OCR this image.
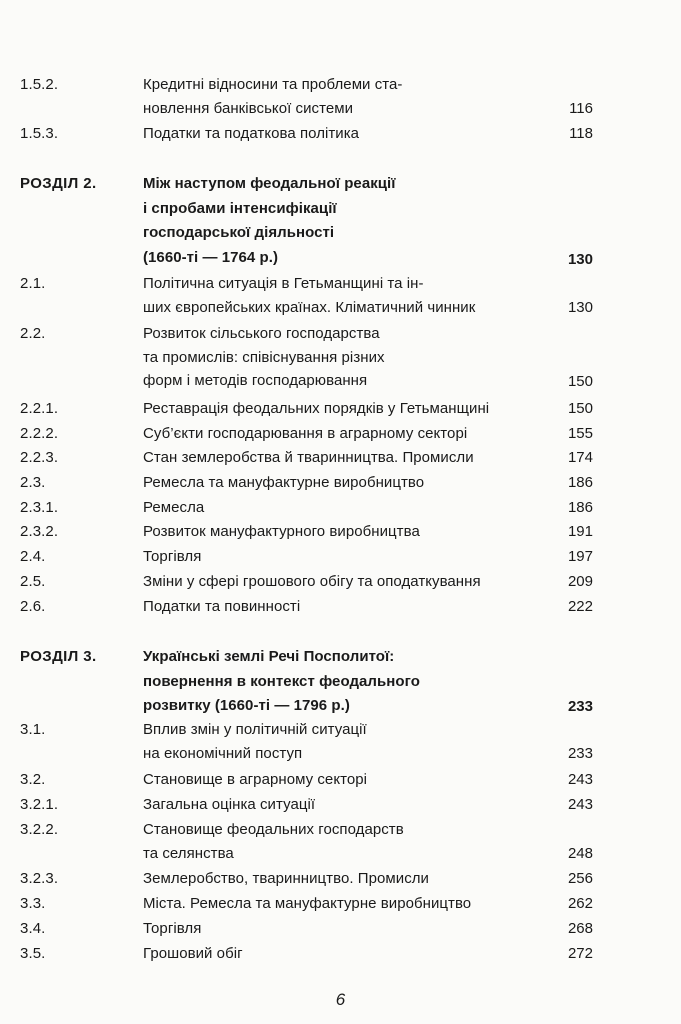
1.5.2.	Кредитні відносини та проблеми ста-
новлення банківської системи	116
1.5.3.	Податки та податкова політика	118
РОЗДІЛ 2.	Між наступом феодальної реакції
і спробами інтенсифікації
господарської діяльності
(1660-ті — 1764 р.)	130
2.1.	Політична ситуація в Гетьманщині та ін-
ших європейських країнах. Кліматичний чинник	130
2.2.	Розвиток сільського господарства
та промислів: співіснування різних
форм і методів господарювання	150
2.2.1.	Реставрація феодальних порядків у Гетьманщині	150
2.2.2.	Суб’єкти господарювання в аграрному секторі	155
2.2.3.	Стан землеробства й тваринництва. Промисли	174
2.3.	Ремесла та мануфактурне виробництво	186
2.3.1.	Ремесла	186
2.3.2.	Розвиток мануфактурного виробництва	191
2.4.	Торгівля	197
2.5.	Зміни у сфері грошового обігу та оподаткування	209
2.6.	Податки та повинності	222
РОЗДІЛ 3.	Українські землі Речі Посполитої:
повернення в контекст феодального
розвитку (1660-ті — 1796 р.)	233
3.1.	Вплив змін у політичній ситуації
на економічний поступ	233
3.2.	Становище в аграрному секторі	243
3.2.1.	Загальна оцінка ситуації	243
3.2.2.	Становище феодальних господарств
та селянства	248
3.2.3.	Землеробство, тваринництво. Промисли	256
3.3.	Міста. Ремесла та мануфактурне виробництво	262
3.4.	Торгівля	268
3.5.	Грошовий обіг	272
6
